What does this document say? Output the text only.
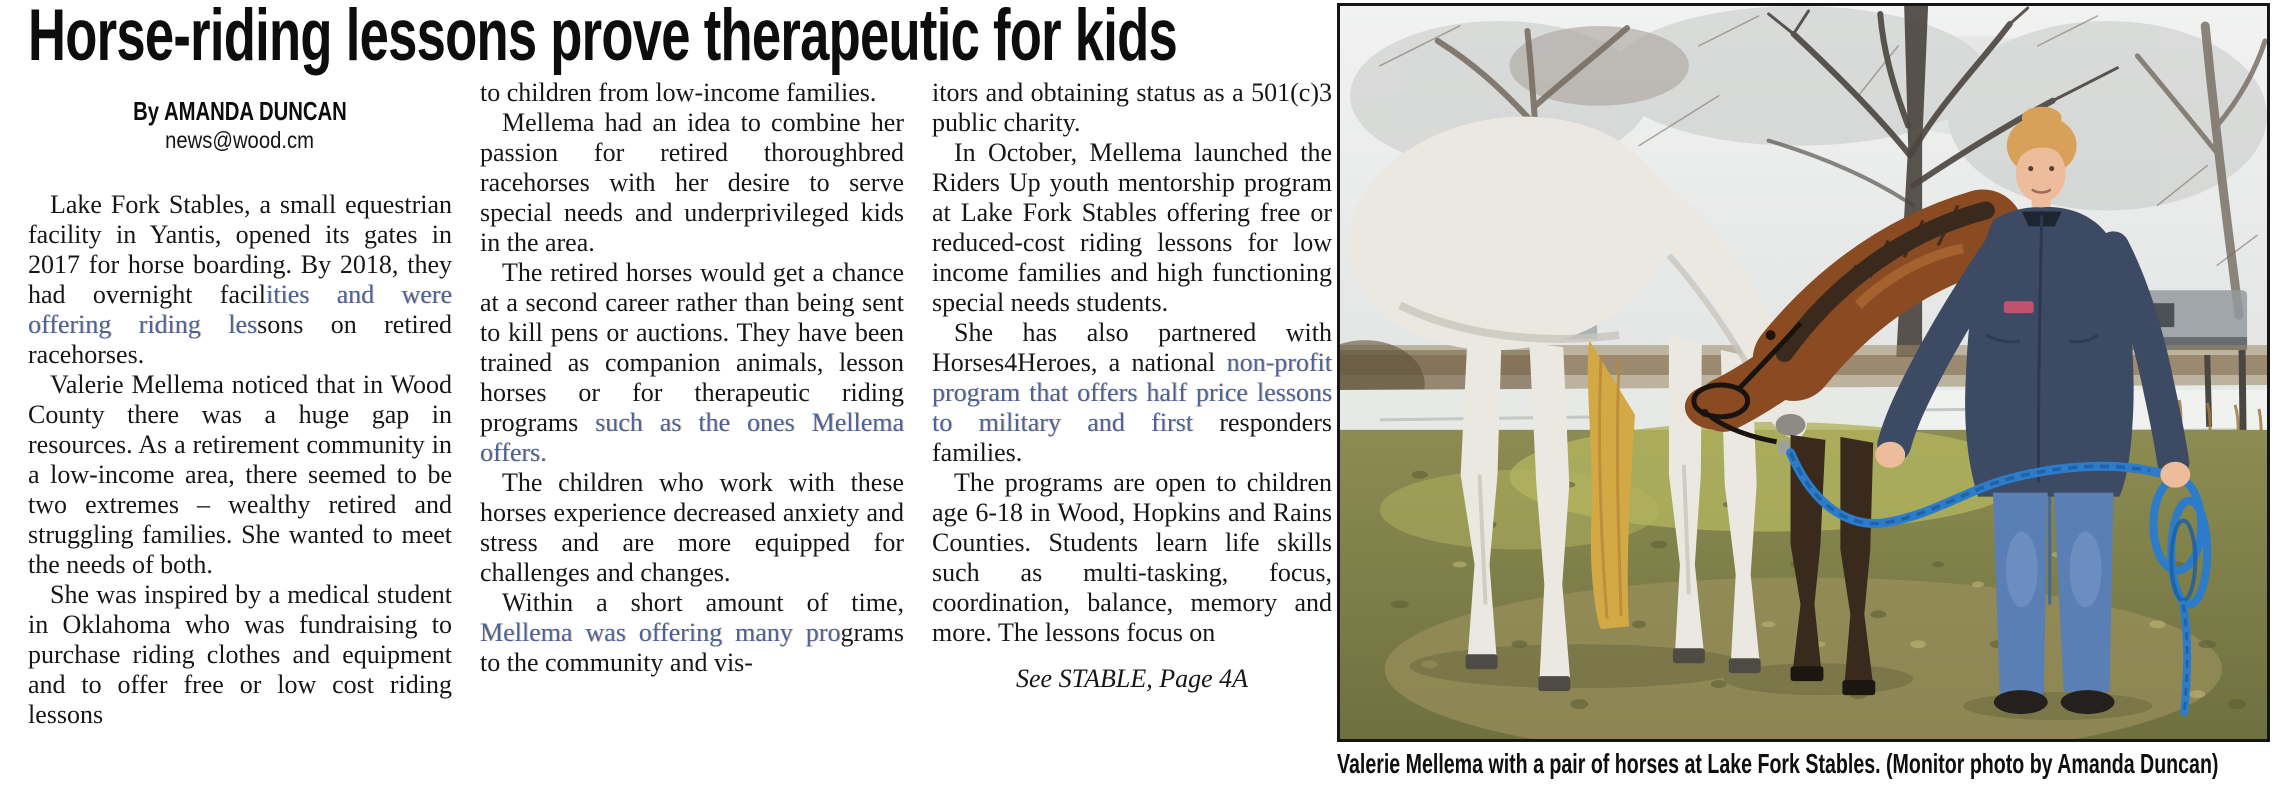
Horse-riding lessons prove therapeutic for kids
By AMANDA DUNCAN
news@wood.cm

Lake Fork Stables, a small equestrian facility in Yantis, opened its gates in 2017 for horse boarding. By 2018, they had overnight facilities and were offering riding lessons on retired racehorses.

Valerie Mellema noticed that in Wood County there was a huge gap in resources. As a retirement community in a low-income area, there seemed to be two extremes – wealthy retired and struggling families. She wanted to meet the needs of both.

She was inspired by a medical student in Oklahoma who was fundraising to purchase riding clothes and equipment and to offer free or low cost riding lessons

to children from low-income families.

Mellema had an idea to combine her passion for retired thoroughbred racehorses with her desire to serve special needs and underprivileged kids in the area.

The retired horses would get a chance at a second career rather than being sent to kill pens or auctions. They have been trained as companion animals, lesson horses or for therapeutic riding programs such as the ones Mellema offers.

The children who work with these horses experience decreased anxiety and stress and are more equipped for challenges and changes.

Within a short amount of time, Mellema was offering many programs to the community and vis-

itors and obtaining status as a 501(c)3 public charity.

In October, Mellema launched the Riders Up youth mentorship program at Lake Fork Stables offering free or reduced-cost riding lessons for low income families and high functioning special needs students.

She has also partnered with Horses4Heroes, a national non-profit program that offers half price lessons to military and first responders families.

The programs are open to children age 6-18 in Wood, Hopkins and Rains Counties. Students learn life skills such as multi-tasking, focus, coordination, balance, memory and more. The lessons focus on

See STABLE, Page 4A

Valerie Mellema with a pair of horses at Lake Fork Stables. (Monitor photo by Amanda Duncan)
